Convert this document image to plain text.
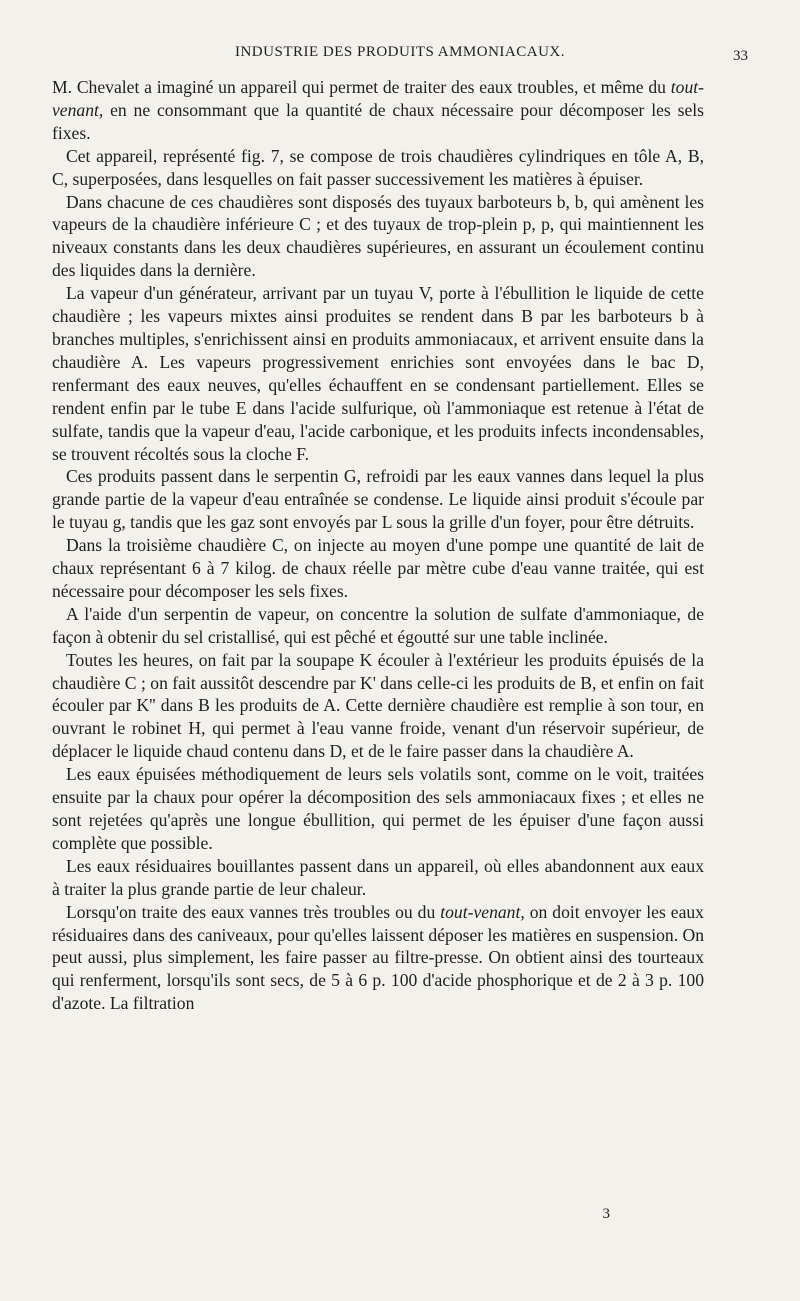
INDUSTRIE DES PRODUITS AMMONIACAUX.	33

M. Chevalet a imaginé un appareil qui permet de traiter des eaux troubles, et même du tout-venant, en ne consommant que la quantité de chaux nécessaire pour décomposer les sels fixes.

Cet appareil, représenté fig. 7, se compose de trois chaudières cylindriques en tôle A, B, C, superposées, dans lesquelles on fait passer successivement les matières à épuiser.

Dans chacune de ces chaudières sont disposés des tuyaux barboteurs b, b, qui amènent les vapeurs de la chaudière inférieure C ; et des tuyaux de trop-plein p, p, qui maintiennent les niveaux constants dans les deux chaudières supérieures, en assurant un écoulement continu des liquides dans la dernière.

La vapeur d'un générateur, arrivant par un tuyau V, porte à l'ébullition le liquide de cette chaudière ; les vapeurs mixtes ainsi produites se rendent dans B par les barboteurs b à branches multiples, s'enrichissent ainsi en produits ammoniacaux, et arrivent ensuite dans la chaudière A. Les vapeurs progressivement enrichies sont envoyées dans le bac D, renfermant des eaux neuves, qu'elles échauffent en se condensant partiellement. Elles se rendent enfin par le tube E dans l'acide sulfurique, où l'ammoniaque est retenue à l'état de sulfate, tandis que la vapeur d'eau, l'acide carbonique, et les produits infects incondensables, se trouvent récoltés sous la cloche F.

Ces produits passent dans le serpentin G, refroidi par les eaux vannes dans lequel la plus grande partie de la vapeur d'eau entraînée se condense. Le liquide ainsi produit s'écoule par le tuyau g, tandis que les gaz sont envoyés par L sous la grille d'un foyer, pour être détruits.

Dans la troisième chaudière C, on injecte au moyen d'une pompe une quantité de lait de chaux représentant 6 à 7 kilog. de chaux réelle par mètre cube d'eau vanne traitée, qui est nécessaire pour décomposer les sels fixes.

A l'aide d'un serpentin de vapeur, on concentre la solution de sulfate d'ammoniaque, de façon à obtenir du sel cristallisé, qui est pêché et égoutté sur une table inclinée.

Toutes les heures, on fait par la soupape K écouler à l'extérieur les produits épuisés de la chaudière C ; on fait aussitôt descendre par K' dans celle-ci les produits de B, et enfin on fait écouler par K'' dans B les produits de A. Cette dernière chaudière est remplie à son tour, en ouvrant le robinet H, qui permet à l'eau vanne froide, venant d'un réservoir supérieur, de déplacer le liquide chaud contenu dans D, et de le faire passer dans la chaudière A.

Les eaux épuisées méthodiquement de leurs sels volatils sont, comme on le voit, traitées ensuite par la chaux pour opérer la décomposition des sels ammoniacaux fixes ; et elles ne sont rejetées qu'après une longue ébullition, qui permet de les épuiser d'une façon aussi complète que possible.

Les eaux résiduaires bouillantes passent dans un appareil, où elles abandonnent aux eaux à traiter la plus grande partie de leur chaleur.

Lorsqu'on traite des eaux vannes très troubles ou du tout-venant, on doit envoyer les eaux résiduaires dans des caniveaux, pour qu'elles laissent déposer les matières en suspension. On peut aussi, plus simplement, les faire passer au filtre-presse. On obtient ainsi des tourteaux qui renferment, lorsqu'ils sont secs, de 5 à 6 p. 100 d'acide phosphorique et de 2 à 3 p. 100 d'azote. La filtration

3
